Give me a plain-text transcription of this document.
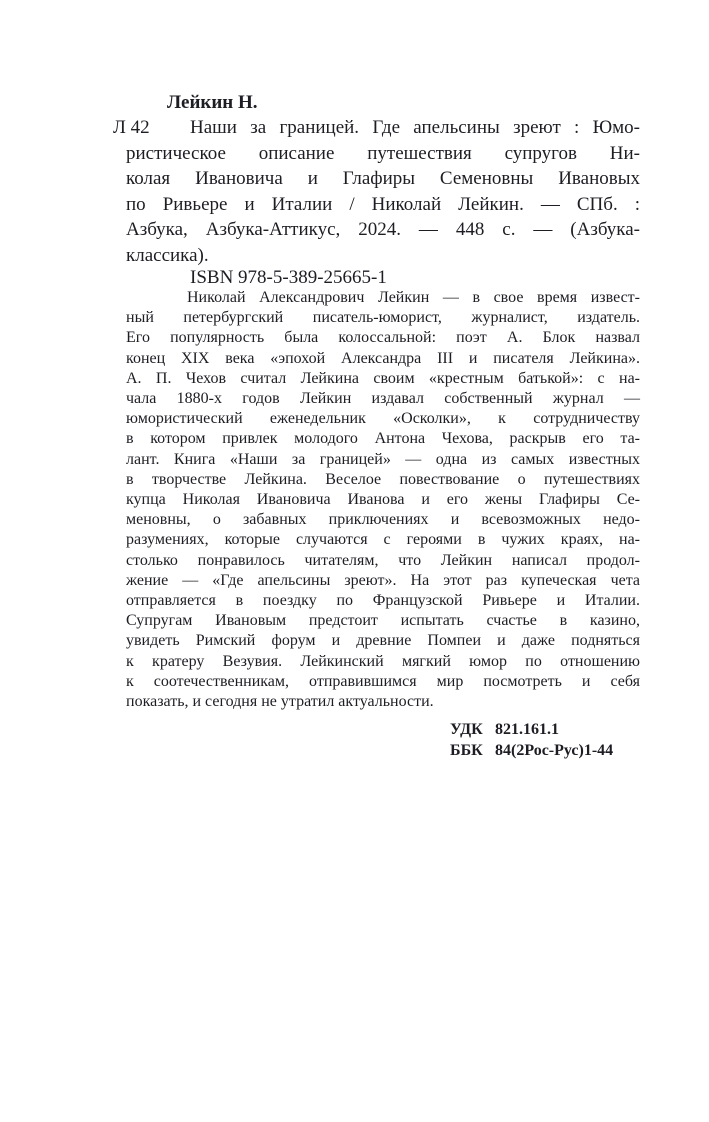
Лейкин Н.
Л 42	Наши за границей. Где апельсины зреют : Юмо-
ристическое описание путешествия супругов Ни-
колая Ивановича и Глафиры Семеновны Ивановых
по Ривьере и Италии / Николай Лейкин. — СПб. :
Азбука, Азбука-Аттикус, 2024. — 448 с. — (Азбука-
классика).
ISBN 978-5-389-25665-1
Николай Александрович Лейкин — в свое время извест-
ный петербургский писатель-юморист, журналист, издатель.
Его популярность была колоссальной: поэт А. Блок назвал
конец XIX века «эпохой Александра III и писателя Лейкина».
А. П. Чехов считал Лейкина своим «крестным батькой»: с на-
чала 1880-х годов Лейкин издавал собственный журнал —
юмористический еженедельник «Осколки», к сотрудничеству
в котором привлек молодого Антона Чехова, раскрыв его та-
лант. Книга «Наши за границей» — одна из самых известных
в творчестве Лейкина. Веселое повествование о путешествиях
купца Николая Ивановича Иванова и его жены Глафиры Се-
меновны, о забавных приключениях и всевозможных недо-
разумениях, которые случаются с героями в чужих краях, на-
столько понравилось читателям, что Лейкин написал продол-
жение — «Где апельсины зреют». На этот раз купеческая чета
отправляется в поездку по Французской Ривьере и Италии.
Супругам Ивановым предстоит испытать счастье в казино,
увидеть Римский форум и древние Помпеи и даже подняться
к кратеру Везувия. Лейкинский мягкий юмор по отношению
к соотечественникам, отправившимся мир посмотреть и себя
показать, и сегодня не утратил актуальности.
УДК 821.161.1
ББК 84(2Рос-Рус)1-44
